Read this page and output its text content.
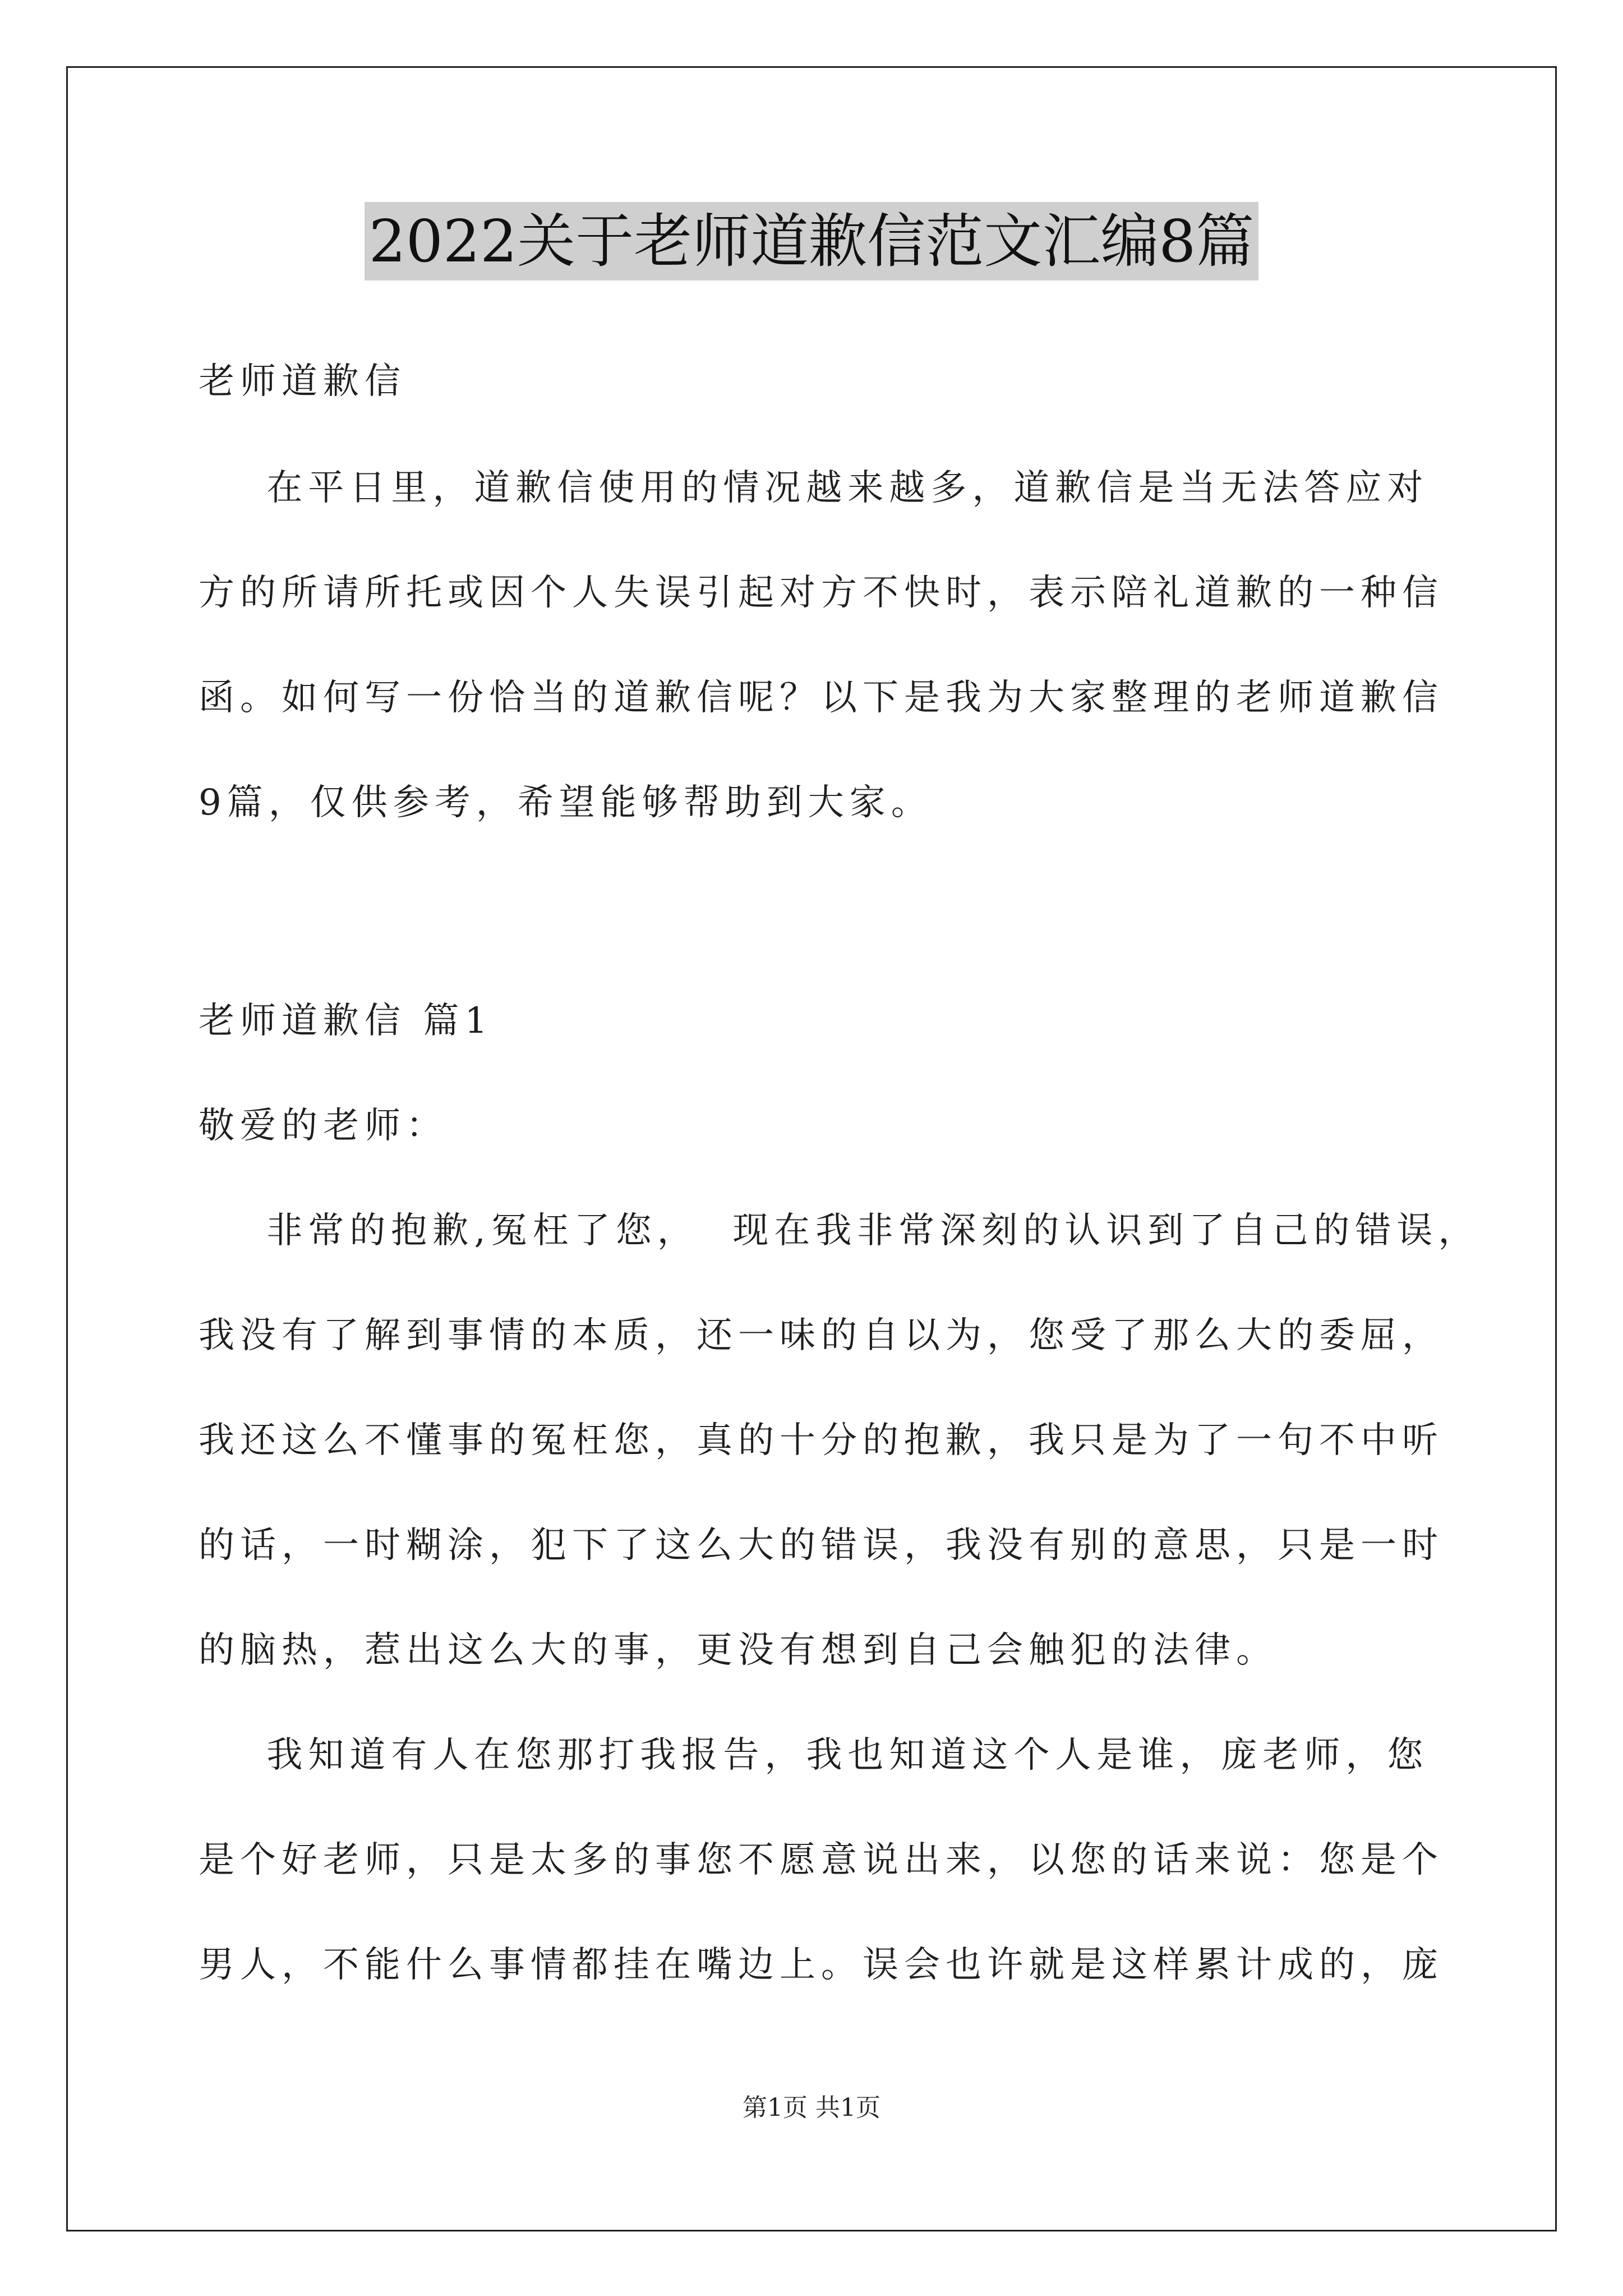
2022关于老师道歉信范文汇编8篇
老师道歉信
在平日里，道歉信使用的情况越来越多，道歉信是当无法答应对
方的所请所托或因个人失误引起对方不快时，表示陪礼道歉的一种信
函。如何写一份恰当的道歉信呢？以下是我为大家整理的老师道歉信
9篇，仅供参考，希望能够帮助到大家。
老师道歉信 篇1
敬爱的老师：
非常的抱歉,冤枉了您，  现在我非常深刻的认识到了自己的错误，
我没有了解到事情的本质，还一味的自以为，您受了那么大的委屈，
我还这么不懂事的冤枉您，真的十分的抱歉，我只是为了一句不中听
的话，一时糊涂，犯下了这么大的错误，我没有别的意思，只是一时
的脑热，惹出这么大的事，更没有想到自己会触犯的法律。
我知道有人在您那打我报告，我也知道这个人是谁，庞老师，您
是个好老师，只是太多的事您不愿意说出来，以您的话来说：您是个
男人，不能什么事情都挂在嘴边上。误会也许就是这样累计成的，庞
第1页 共1页
